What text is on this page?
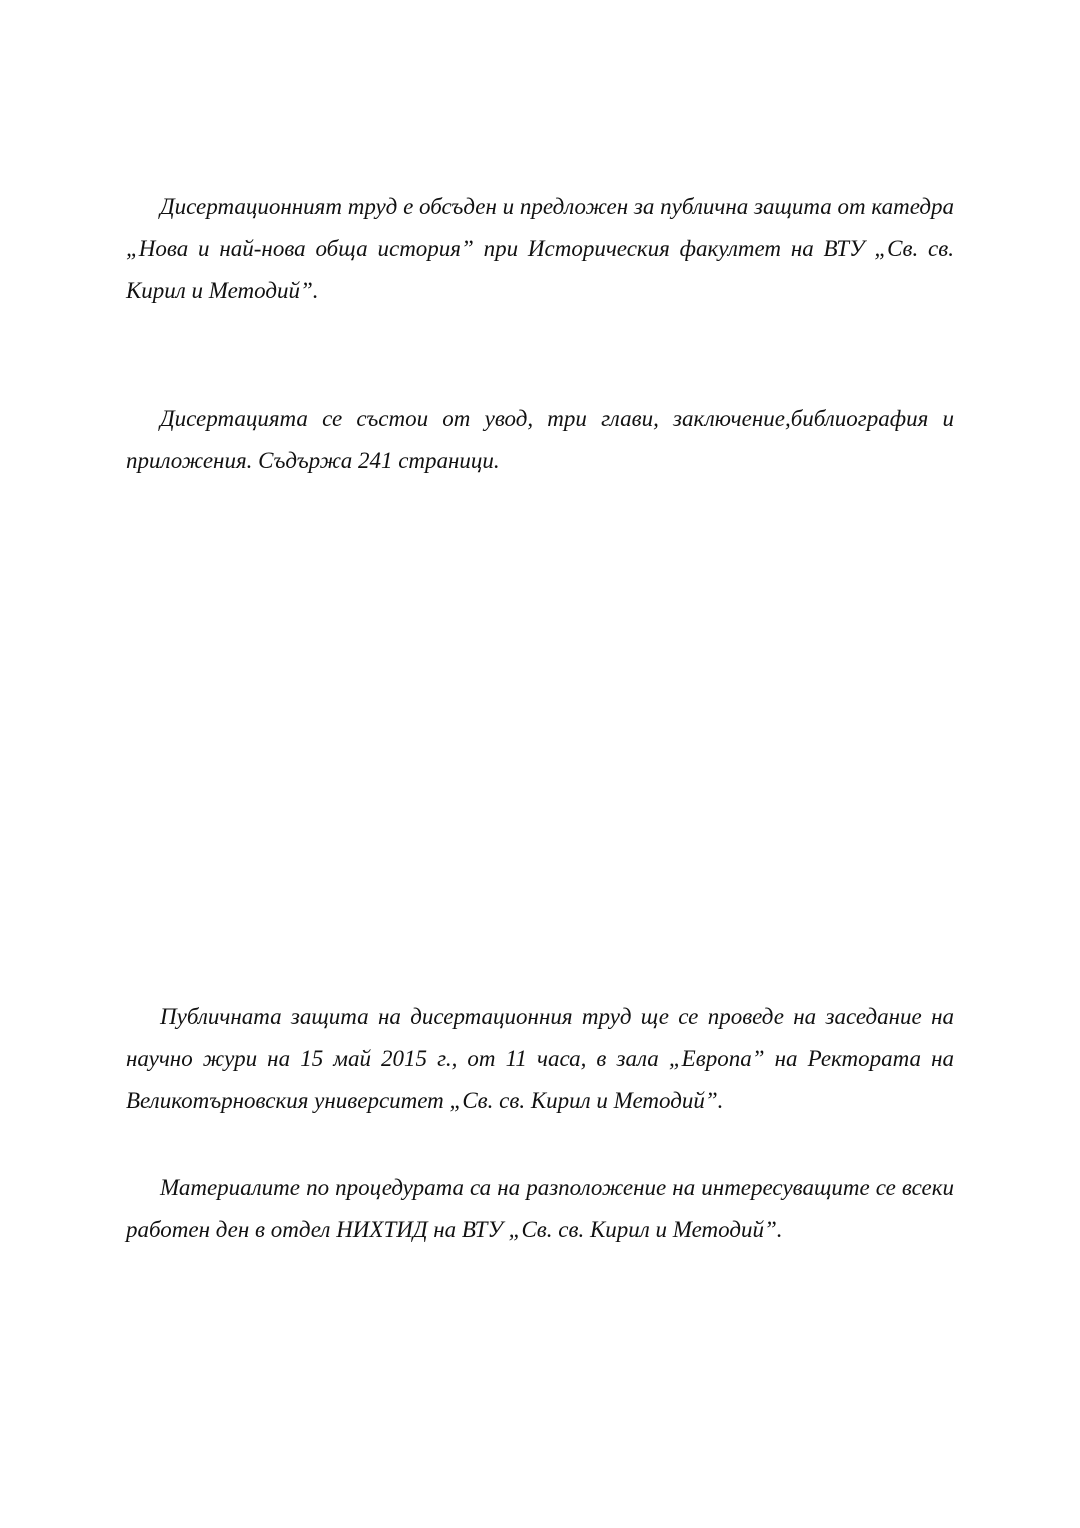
Дисертационният труд е обсъден и предложен за публична защита от катедра „Нова и най-нова обща история” при Историческия факултет на ВТУ „Св. св. Кирил и Методий”.

Дисертацията се състои от увод, три глави, заключение,библиография и приложения. Съдържа 241 страници.

Публичната защита на дисертационния труд ще се проведе на заседание на научно жури на 15 май 2015 г., от 11 часа, в зала „Европа” на Ректората на Великотърновския университет „Св. св. Кирил и Методий”.

Материалите по процедурата са на разположение на интересуващите се всеки работен ден в отдел НИХТИД на ВТУ „Св. св. Кирил и Методий”.
